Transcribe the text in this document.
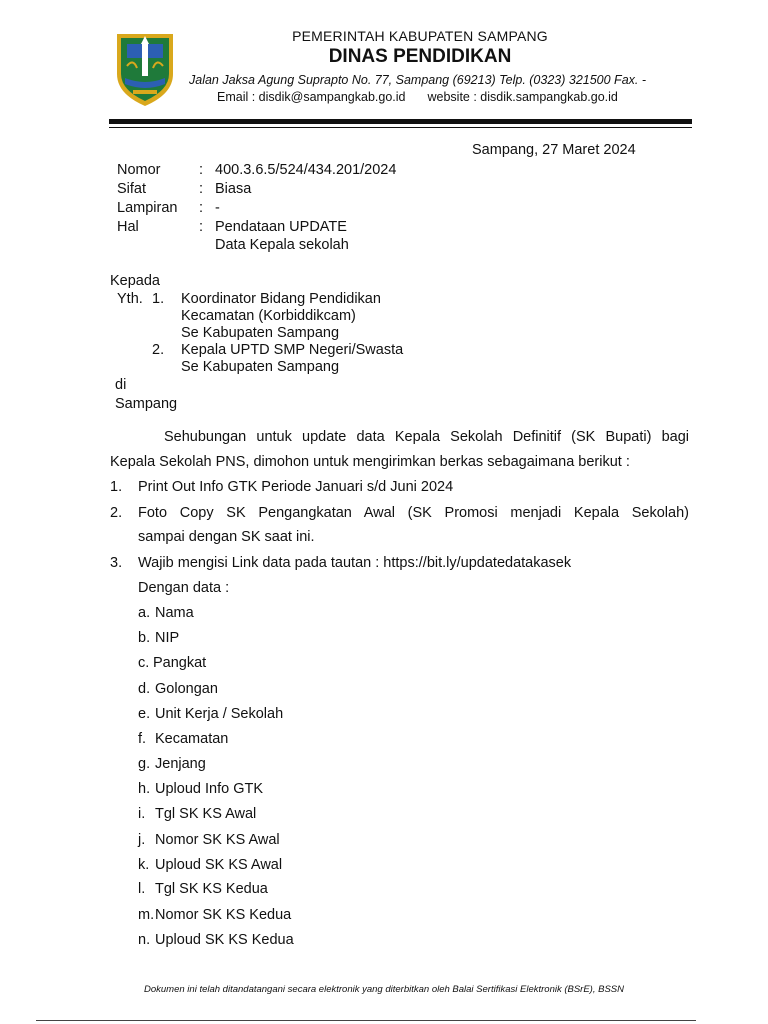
PEMERINTAH KABUPATEN SAMPANG
DINAS PENDIDIKAN
Jalan Jaksa Agung Suprapto No. 77, Sampang (69213) Telp. (0323) 321500 Fax. -
Email : disdik@sampangkab.go.id website : disdik.sampangkab.go.id
Sampang, 27 Maret 2024
Nomor	: 400.3.6.5/524/434.201/2024
Sifat	: Biasa
Lampiran : -
Hal	: Pendataan UPDATE
Data Kepala sekolah
Kepada
Yth. 1. Koordinator Bidang Pendidikan
Kecamatan (Korbiddikcam)
Se Kabupaten Sampang
2. Kepala UPTD SMP Negeri/Swasta
Se Kabupaten Sampang
di
Sampang
Sehubungan untuk update data Kepala Sekolah Definitif (SK Bupati) bagi
Kepala Sekolah PNS, dimohon untuk mengirimkan berkas sebagaimana berikut :
1. Print Out Info GTK Periode Januari s/d Juni 2024
2. Foto Copy SK Pengangkatan Awal (SK Promosi menjadi Kepala Sekolah)
sampai dengan SK saat ini.
3. Wajib mengisi Link data pada tautan : https://bit.ly/updatedatakasek
Dengan data :
a. Nama
b. NIP
c. Pangkat
d. Golongan
e. Unit Kerja / Sekolah
f. Kecamatan
g. Jenjang
h. Uploud Info GTK
i. Tgl SK KS Awal
j. Nomor SK KS Awal
k. Uploud SK KS Awal
l. Tgl SK KS Kedua
m. Nomor SK KS Kedua
n. Uploud SK KS Kedua
Dokumen ini telah ditandatangani secara elektronik yang diterbitkan oleh Balai Sertifikasi Elektronik (BSrE), BSSN
